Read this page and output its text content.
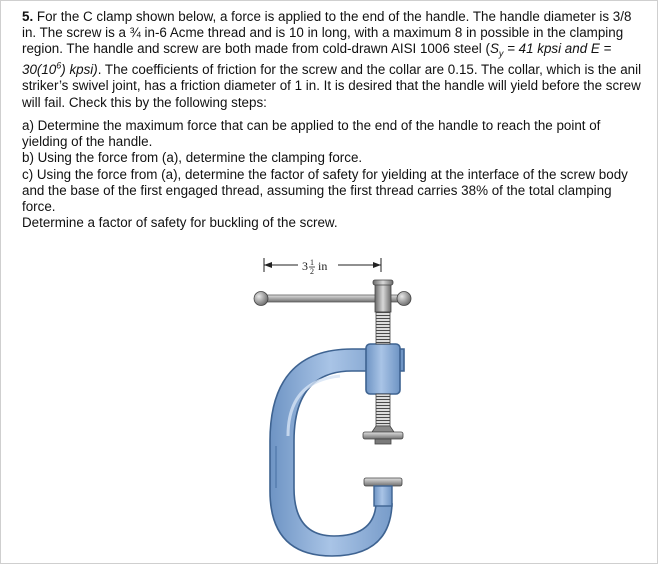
5. For the C clamp shown below, a force is applied to the end of the handle. The handle diameter is 3/8 in. The screw is a ¾ in-6 Acme thread and is 10 in long, with a maximum 8 in possible in the clamping region. The handle and screw are both made from cold-drawn AISI 1006 steel ($S_y = 41$ kpsi and $E = 30(10^6)$ kpsi). The coefficients of friction for the screw and the collar are 0.15. The collar, which is the anil striker’s swivel joint, has a friction diameter of 1 in. It is desired that the handle will yield before the screw will fail. Check this by the following steps:

a) Determine the maximum force that can be applied to the end of the handle to reach the point of yielding of the handle.

b) Using the force from (a), determine the clamping force.

c) Using the force from (a), determine the factor of safety for yielding at the interface of the screw body and the base of the first engaged thread, assuming the first thread carries 38% of the total clamping force.

Determine a factor of safety for buckling of the screw.

3 1
2 in
